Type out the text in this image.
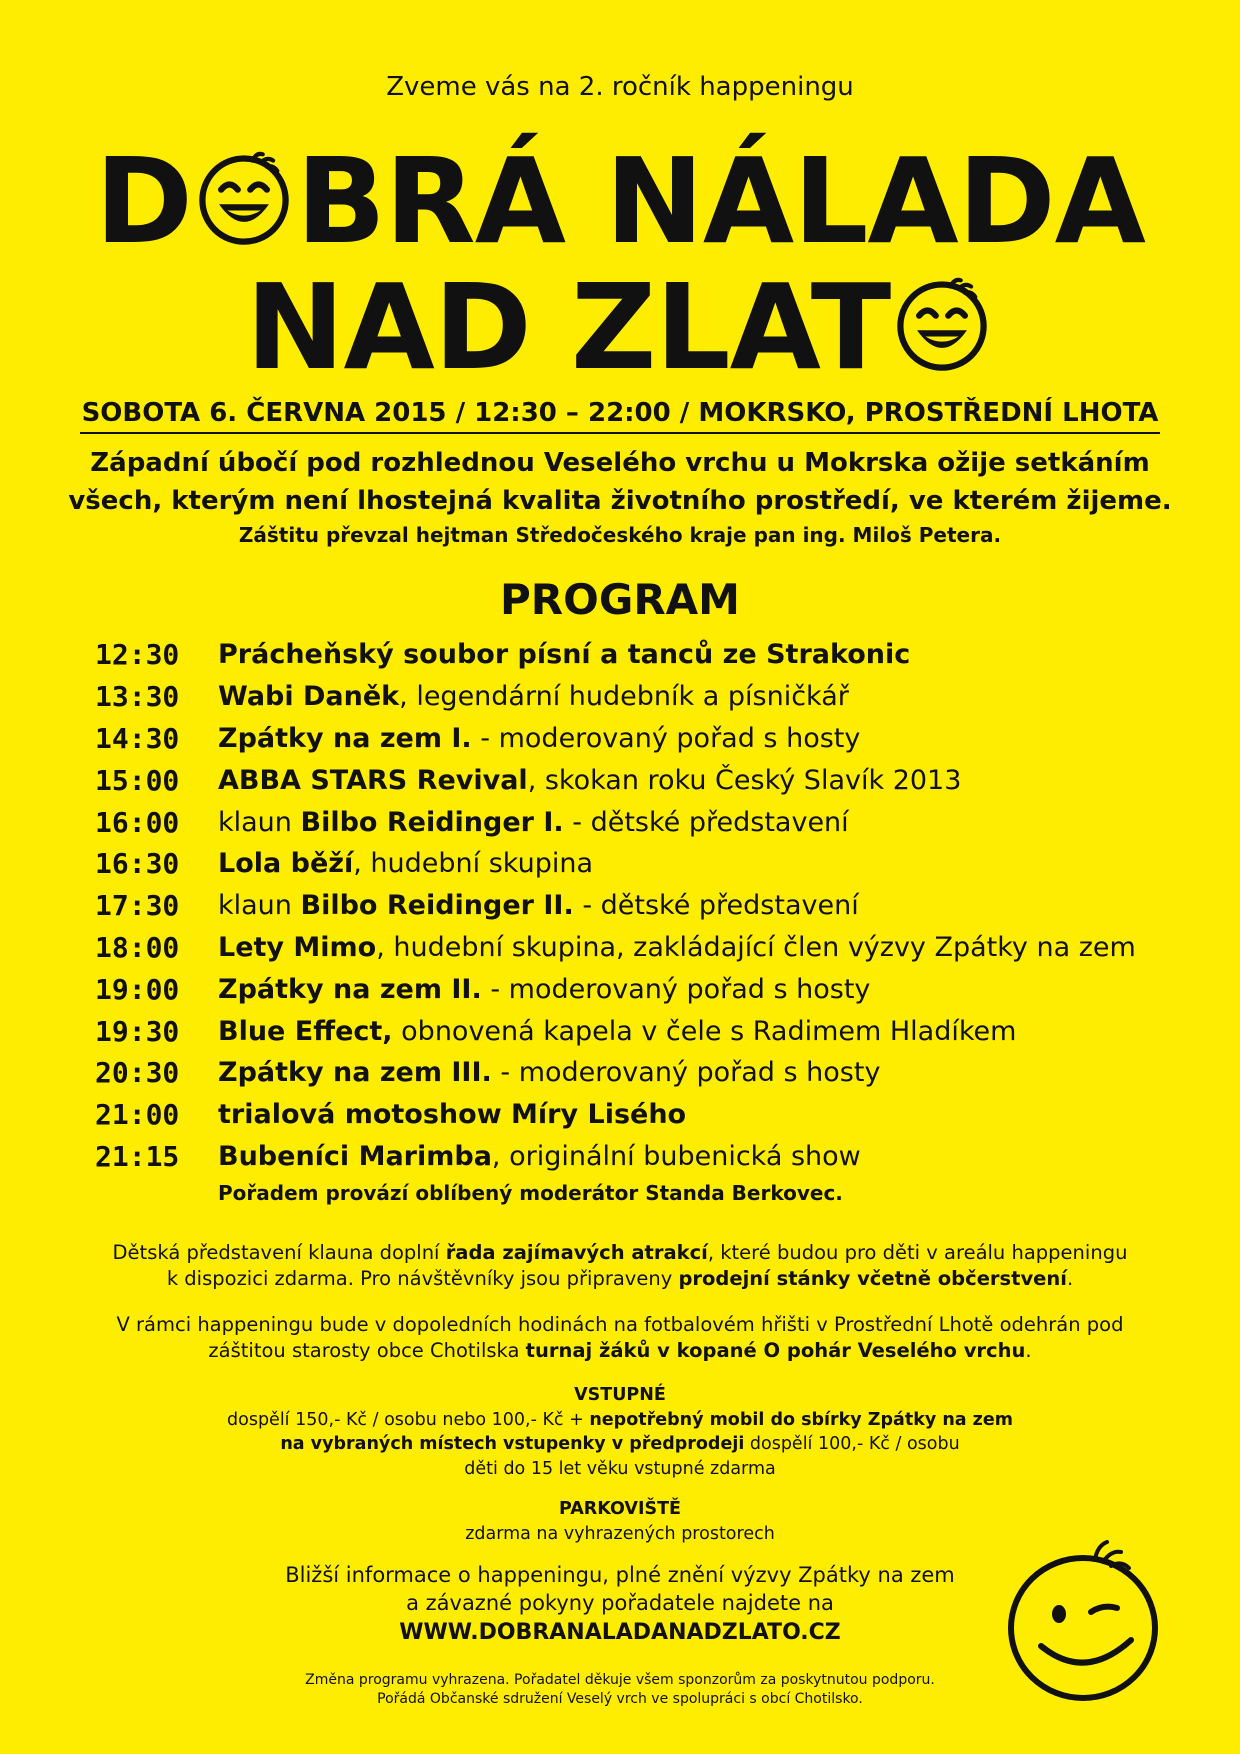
Zveme vás na 2. ročník happeningu
D BRÁ NÁLADA
NAD ZLAT
SOBOTA 6. ČERVNA 2015 / 12:30 – 22:00 / MOKRSKO, PROSTŘEDNÍ LHOTA
Západní úbočí pod rozhlednou Veselého vrchu u Mokrska ožije setkáním
všech, kterým není lhostejná kvalita životního prostředí, ve kterém žijeme.
Záštitu převzal hejtman Středočeského kraje pan ing. Miloš Petera.
PROGRAM
12:30	Prácheňský soubor písní a tanců ze Strakonic
13:30	Wabi Daněk, legendární hudebník a písničkář
14:30	Zpátky na zem I. - moderovaný pořad s hosty
15:00	ABBA STARS Revival, skokan roku Český Slavík 2013
16:00	klaun Bilbo Reidinger I. - dětské představení
16:30	Lola běží, hudební skupina
17:30	klaun Bilbo Reidinger II. - dětské představení
18:00	Lety Mimo, hudební skupina, zakládající člen výzvy Zpátky na zem
19:00	Zpátky na zem II. - moderovaný pořad s hosty
19:30	Blue Effect, obnovená kapela v čele s Radimem Hladíkem
20:30	Zpátky na zem III. - moderovaný pořad s hosty
21:00	trialová motoshow Míry Lisého
21:15	Bubeníci Marimba, originální bubenická show
Pořadem provází oblíbený moderátor Standa Berkovec.
Dětská představení klauna doplní řada zajímavých atrakcí, které budou pro děti v areálu happeningu
k dispozici zdarma. Pro návštěvníky jsou připraveny prodejní stánky včetně občerstvení.
V rámci happeningu bude v dopoledních hodinách na fotbalovém hřišti v Prostřední Lhotě odehrán pod
záštitou starosty obce Chotilska turnaj žáků v kopané O pohár Veselého vrchu.
VSTUPNÉ
dospělí 150,- Kč / osobu nebo 100,- Kč + nepotřebný mobil do sbírky Zpátky na zem
na vybraných místech vstupenky v předprodeji dospělí 100,- Kč / osobu
děti do 15 let věku vstupné zdarma
PARKOVIŠTĚ
zdarma na vyhrazených prostorech
Bližší informace o happeningu, plné znění výzvy Zpátky na zem
a závazné pokyny pořadatele najdete na
WWW.DOBRANALADANADZLATO.CZ
Změna programu vyhrazena. Pořadatel děkuje všem sponzorům za poskytnutou podporu.
Pořádá Občanské sdružení Veselý vrch ve spolupráci s obcí Chotilsko.
